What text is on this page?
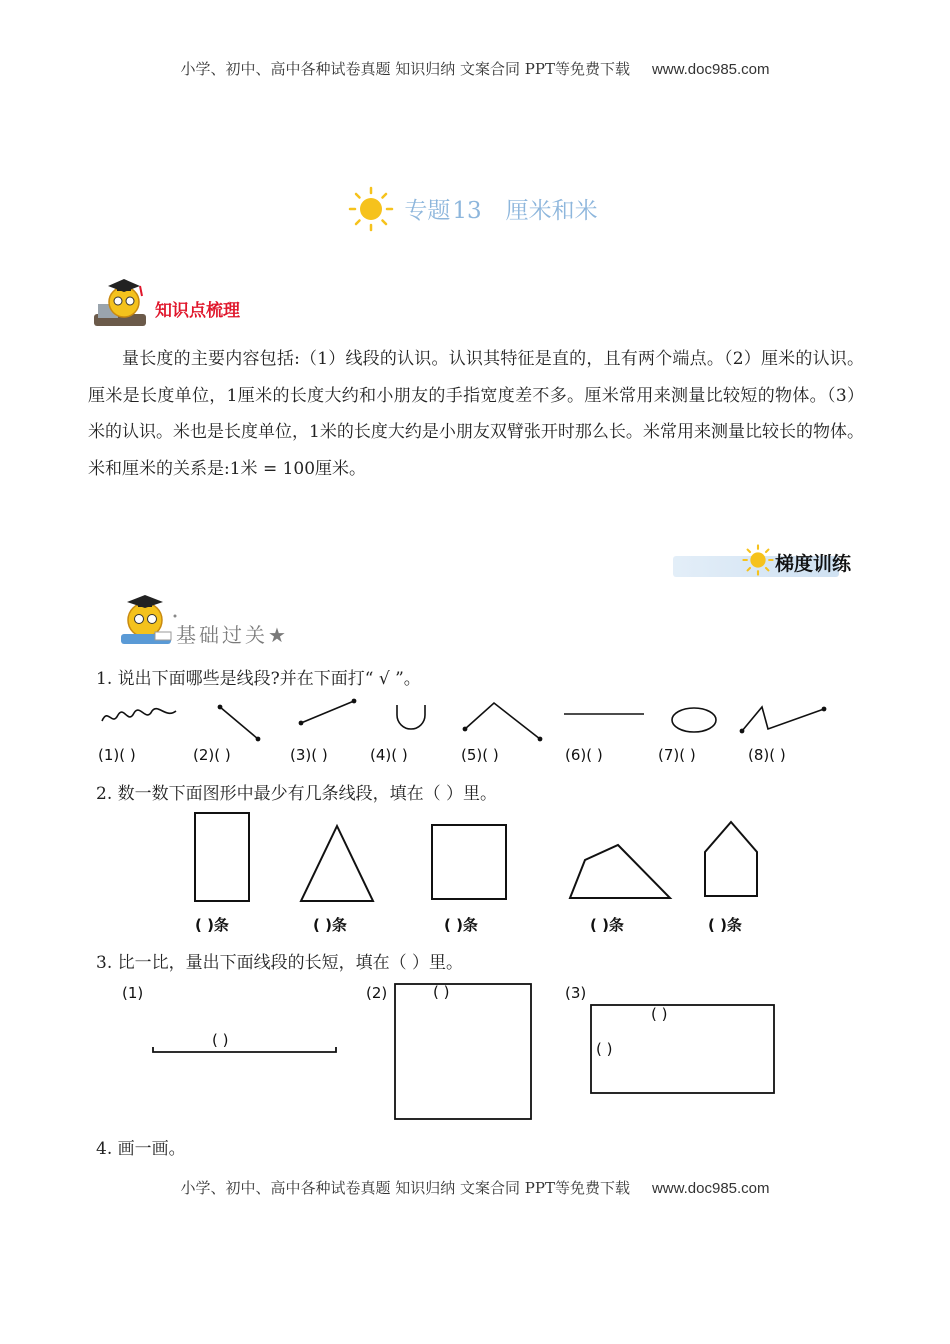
小学、初中、高中各种试卷真题 知识归纳 文案合同 PPT等免费下载 www.doc985.com
专题13 厘米和米
知识点梳理

量长度的主要内容包括:（1）线段的认识。认识其特征是直的，且有两个端点。（2）厘米的认识。厘米是长度单位，1厘米的长度大约和小朋友的手指宽度差不多。厘米常用来测量比较短的物体。（3）米的认识。米也是长度单位，1米的长度大约是小朋友双臂张开时那么长。米常用来测量比较长的物体。米和厘米的关系是:1米 = 100厘米。

梯度训练
基础过关★
1. 说出下面哪些是线段?并在下面打“ √ ”。
(1)( )	(2)( )	(3)( )	(4)( )	(5)( )	(6)( )	(7)( )	(8)( )
2. 数一数下面图形中最少有几条线段，填在（ ）里。
( )条	( )条	( )条	( )条	( )条
3. 比一比，量出下面线段的长短，填在（ ）里。
(1)	(2)	(3)
( )
( )
( )
( )
4. 画一画。
小学、初中、高中各种试卷真题 知识归纳 文案合同 PPT等免费下载 www.doc985.com
